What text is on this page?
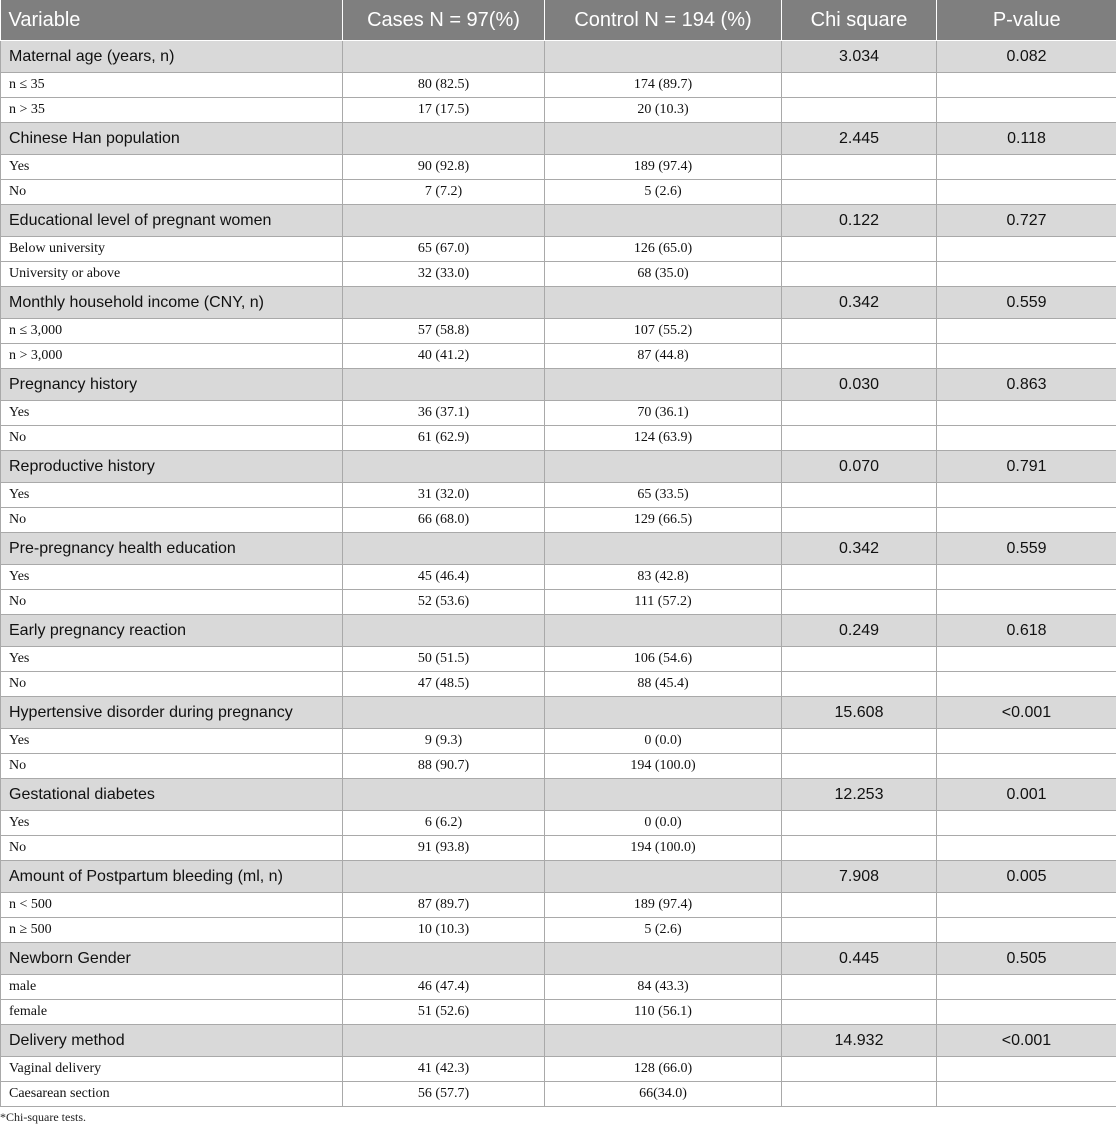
Variable	Cases N = 97(%)	Control N = 194 (%)	Chi square	P-value
Maternal age (years, n)			3.034	0.082
n ≤ 35	80 (82.5)	174 (89.7)		
n > 35	17 (17.5)	20 (10.3)		
Chinese Han population			2.445	0.118
Yes	90 (92.8)	189 (97.4)		
No	7 (7.2)	5 (2.6)		
Educational level of pregnant women			0.122	0.727
Below university	65 (67.0)	126 (65.0)		
University or above	32 (33.0)	68 (35.0)		
Monthly household income (CNY, n)			0.342	0.559
n ≤ 3,000	57 (58.8)	107 (55.2)		
n > 3,000	40 (41.2)	87 (44.8)		
Pregnancy history			0.030	0.863
Yes	36 (37.1)	70 (36.1)		
No	61 (62.9)	124 (63.9)		
Reproductive history			0.070	0.791
Yes	31 (32.0)	65 (33.5)		
No	66 (68.0)	129 (66.5)		
Pre-pregnancy health education			0.342	0.559
Yes	45 (46.4)	83 (42.8)		
No	52 (53.6)	111 (57.2)		
Early pregnancy reaction			0.249	0.618
Yes	50 (51.5)	106 (54.6)		
No	47 (48.5)	88 (45.4)		
Hypertensive disorder during pregnancy			15.608	<0.001
Yes	9 (9.3)	0 (0.0)		
No	88 (90.7)	194 (100.0)		
Gestational diabetes			12.253	0.001
Yes	6 (6.2)	0 (0.0)		
No	91 (93.8)	194 (100.0)		
Amount of Postpartum bleeding (ml, n)			7.908	0.005
n < 500	87 (89.7)	189 (97.4)		
n ≥ 500	10 (10.3)	5 (2.6)		
Newborn Gender			0.445	0.505
male	46 (47.4)	84 (43.3)		
female	51 (52.6)	110 (56.1)		
Delivery method			14.932	<0.001
Vaginal delivery	41 (42.3)	128 (66.0)		
Caesarean section	56 (57.7)	66(34.0)		
*Chi-square tests.
